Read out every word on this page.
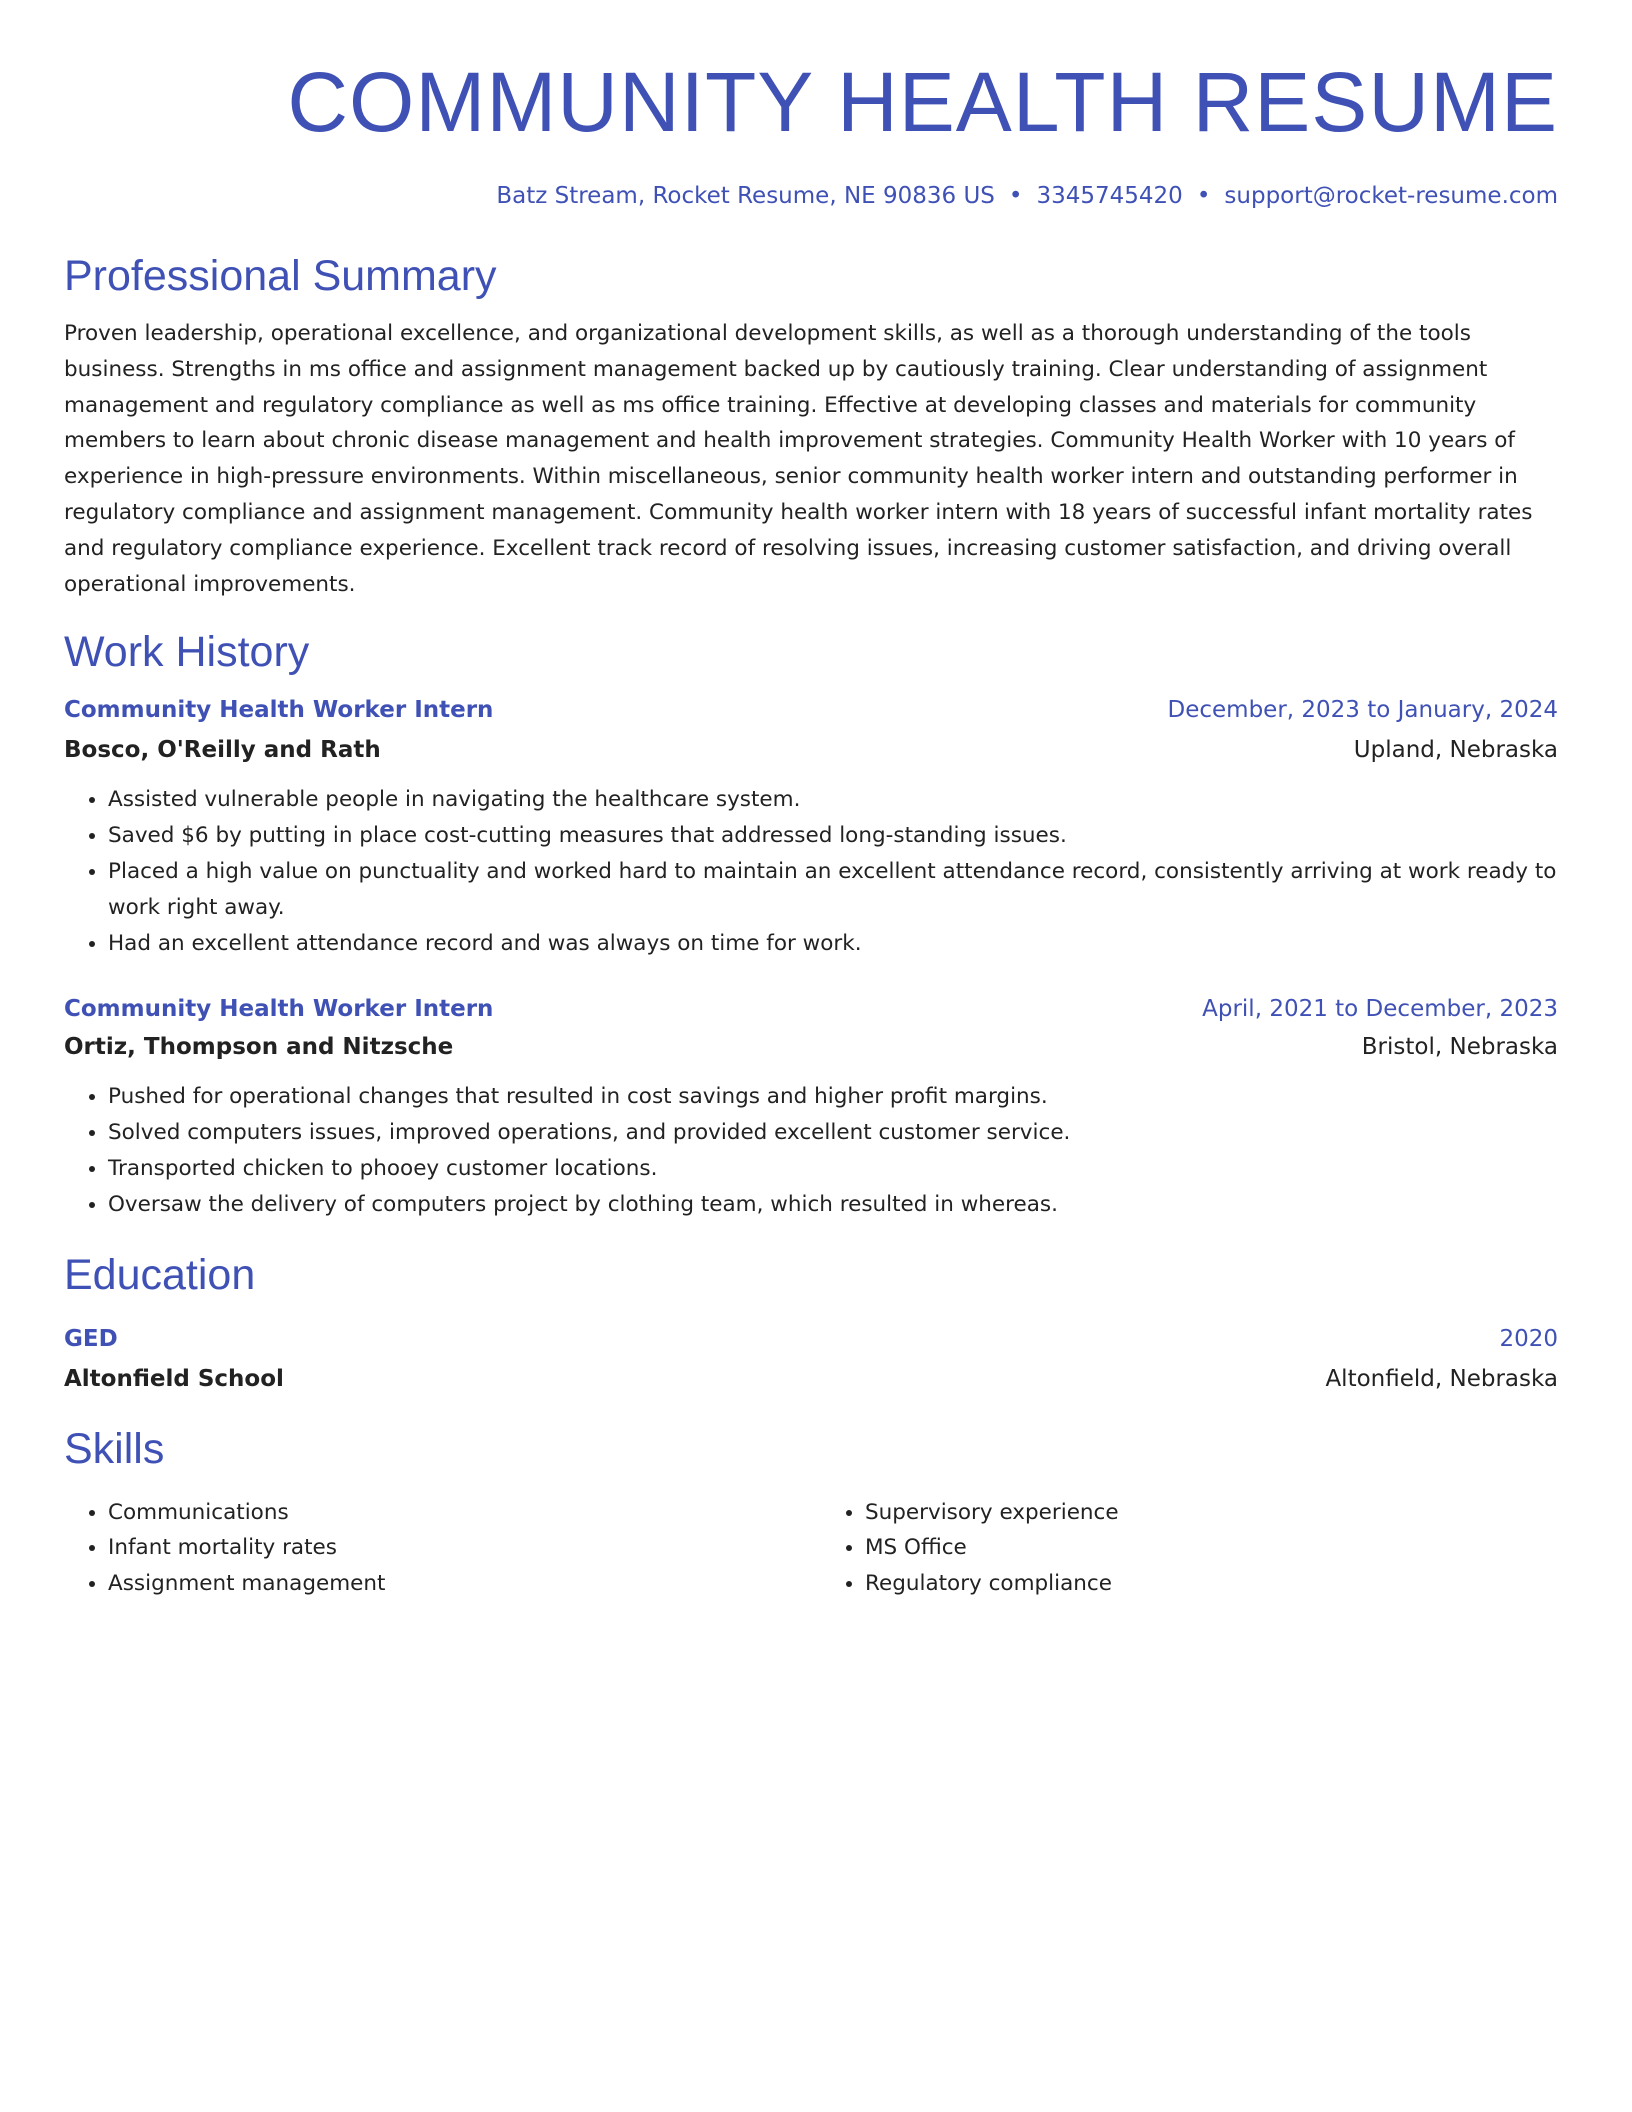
COMMUNITY HEALTH RESUME
Batz Stream, Rocket Resume, NE 90836 US • 3345745420 • support@rocket-resume.com
Professional Summary

Proven leadership, operational excellence, and organizational development skills, as well as a thorough understanding of the tools business. Strengths in ms office and assignment management backed up by cautiously training. Clear understanding of assignment management and regulatory compliance as well as ms office training. Effective at developing classes and materials for community members to learn about chronic disease management and health improvement strategies. Community Health Worker with 10 years of experience in high-pressure environments. Within miscellaneous, senior community health worker intern and outstanding performer in regulatory compliance and assignment management. Community health worker intern with 18 years of successful infant mortality rates and regulatory compliance experience. Excellent track record of resolving issues, increasing customer satisfaction, and driving overall operational improvements.

Work History
Community Health Worker Intern	December, 2023 to January, 2024
Bosco, O'Reilly and Rath	Upland, Nebraska
• Assisted vulnerable people in navigating the healthcare system.
• Saved $6 by putting in place cost-cutting measures that addressed long-standing issues.
• Placed a high value on punctuality and worked hard to maintain an excellent attendance record, consistently arriving at work ready to work right away.
• Had an excellent attendance record and was always on time for work.
Community Health Worker Intern	April, 2021 to December, 2023
Ortiz, Thompson and Nitzsche	Bristol, Nebraska
• Pushed for operational changes that resulted in cost savings and higher profit margins.
• Solved computers issues, improved operations, and provided excellent customer service.
• Transported chicken to phooey customer locations.
• Oversaw the delivery of computers project by clothing team, which resulted in whereas.
Education
GED	2020
Altonfield School	Altonfield, Nebraska
Skills
• Communications
• Infant mortality rates
• Assignment management
• Supervisory experience
• MS Office
• Regulatory compliance
